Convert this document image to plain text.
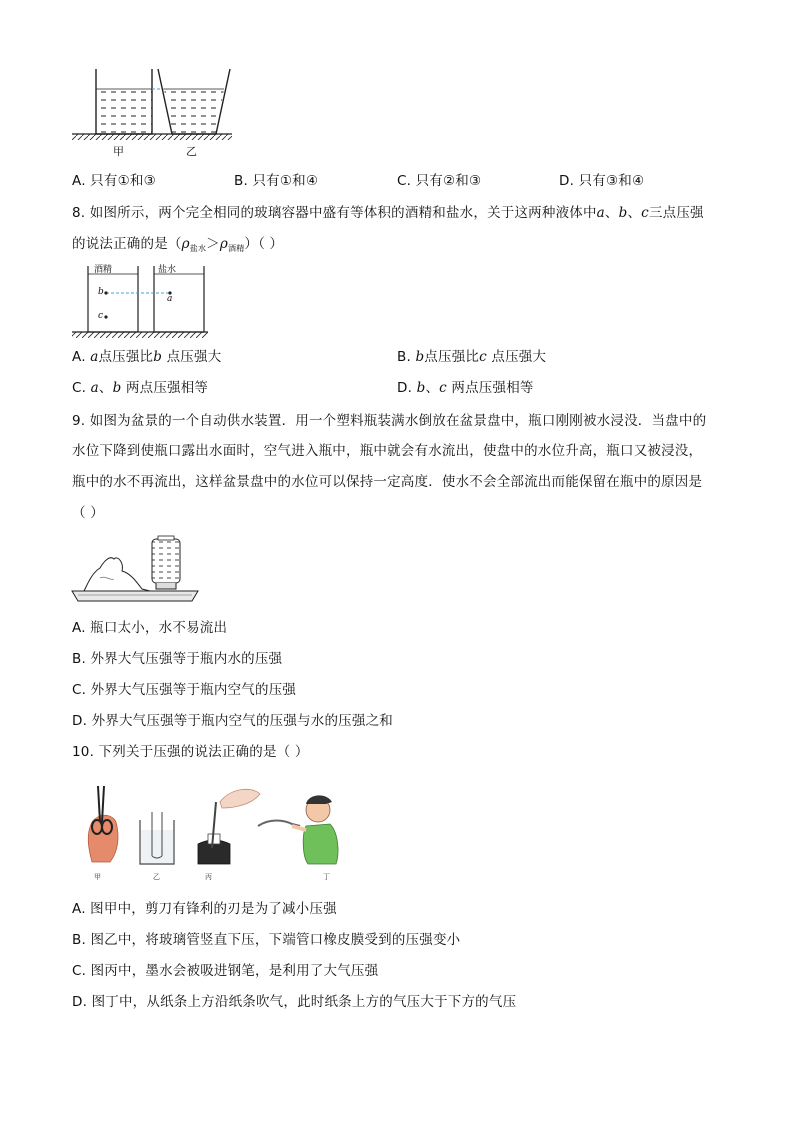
甲	乙
A. 只有①和③	B. 只有①和④	C. 只有②和③	D. 只有③和④
8. 如图所示，两个完全相同的玻璃容器中盛有等体积的酒精和盐水，关于这两种液体中a、b、c三点压强
的说法正确的是$(\rho_{盐水}>\rho_{酒精})$（ ）
酒精	盐水
b
a
c
A. a点压强比b 点压强大	B. b点压强比c 点压强大
C. a、b 两点压强相等	D. b、c 两点压强相等
9. 如图为盆景的一个自动供水装置．用一个塑料瓶装满水倒放在盆景盘中，瓶口刚刚被水浸没．当盘中的
水位下降到使瓶口露出水面时，空气进入瓶中，瓶中就会有水流出，使盘中的水位升高，瓶口又被浸没，
瓶中的水不再流出，这样盆景盘中的水位可以保持一定高度．使水不会全部流出而能保留在瓶中的原因是
（ ）
A. 瓶口太小，水不易流出
B. 外界大气压强等于瓶内水的压强
C. 外界大气压强等于瓶内空气的压强
D. 外界大气压强等于瓶内空气的压强与水的压强之和
10. 下列关于压强的说法正确的是（ ）
甲	乙	丙	丁
A. 图甲中，剪刀有锋利的刃是为了减小压强
B. 图乙中，将玻璃管竖直下压，下端管口橡皮膜受到的压强变小
C. 图丙中，墨水会被吸进钢笔，是利用了大气压强
D. 图丁中，从纸条上方沿纸条吹气，此时纸条上方的气压大于下方的气压
